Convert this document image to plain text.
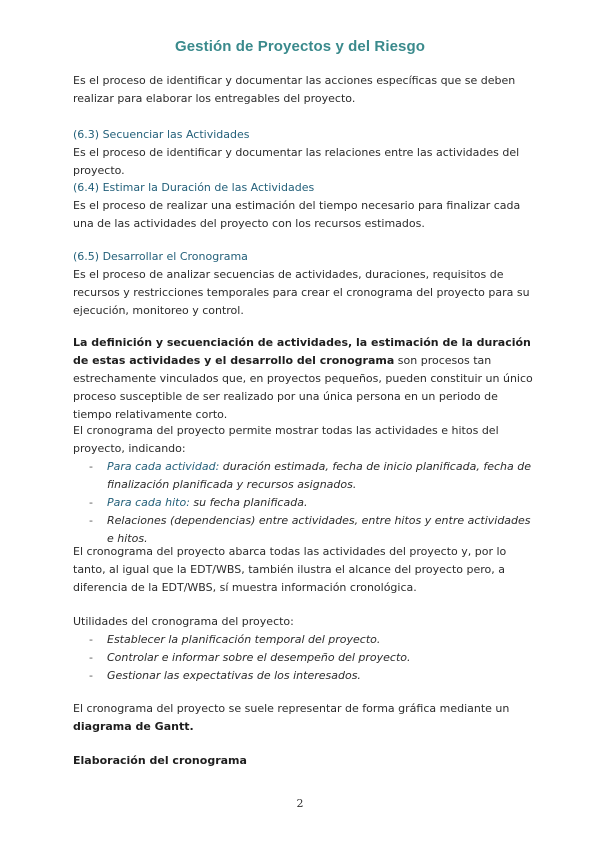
Gestión de Proyectos y del Riesgo

Es el proceso de identificar y documentar las acciones específicas que se deben realizar para elaborar los entregables del proyecto.

(6.3) Secuenciar las Actividades

Es el proceso de identificar y documentar las relaciones entre las actividades del proyecto.

(6.4) Estimar la Duración de las Actividades

Es el proceso de realizar una estimación del tiempo necesario para finalizar cada una de las actividades del proyecto con los recursos estimados.

(6.5) Desarrollar el Cronograma

Es el proceso de analizar secuencias de actividades, duraciones, requisitos de recursos y restricciones temporales para crear el cronograma del proyecto para su ejecución, monitoreo y control.

La definición y secuenciación de actividades, la estimación de la duración de estas actividades y el desarrollo del cronograma son procesos tan estrechamente vinculados que, en proyectos pequeños, pueden constituir un único proceso susceptible de ser realizado por una única persona en un periodo de tiempo relativamente corto.

El cronograma del proyecto permite mostrar todas las actividades e hitos del proyecto, indicando:

- Para cada actividad: duración estimada, fecha de inicio planificada, fecha de finalización planificada y recursos asignados.
- Para cada hito: su fecha planificada.
- Relaciones (dependencias) entre actividades, entre hitos y entre actividades e hitos.

El cronograma del proyecto abarca todas las actividades del proyecto y, por lo tanto, al igual que la EDT/WBS, también ilustra el alcance del proyecto pero, a diferencia de la EDT/WBS, sí muestra información cronológica.

Utilidades del cronograma del proyecto:

- Establecer la planificación temporal del proyecto.
- Controlar e informar sobre el desempeño del proyecto.
- Gestionar las expectativas de los interesados.

El cronograma del proyecto se suele representar de forma gráfica mediante un diagrama de Gantt.

Elaboración del cronograma

2
